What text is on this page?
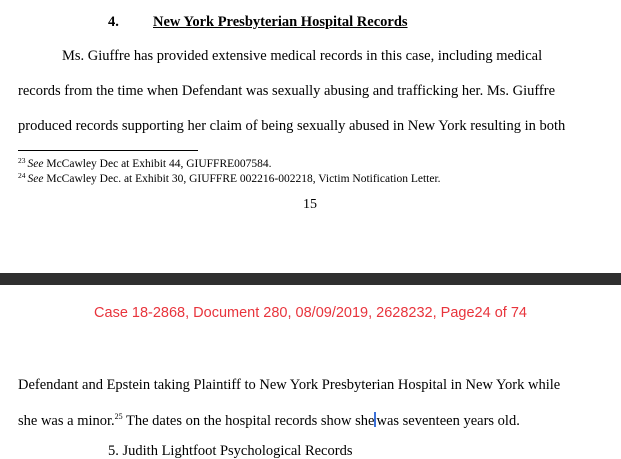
4. New York Presbyterian Hospital Records
Ms. Giuffre has provided extensive medical records in this case, including medical
records from the time when Defendant was sexually abusing and trafficking her. Ms. Giuffre
produced records supporting her claim of being sexually abused in New York resulting in both
$^{23}$ See McCawley Dec at Exhibit 44, GIUFFRE007584.
$^{24}$ See McCawley Dec. at Exhibit 30, GIUFFRE 002216-002218, Victim Notification Letter.
15
Case 18-2868, Document 280, 08/09/2019, 2628232, Page24 of 74
Defendant and Epstein taking Plaintiff to New York Presbyterian Hospital in New York while
she was a minor.$^{25}$ The dates on the hospital records show she was seventeen years old.
5. Judith Lightfoot Psychological Records
